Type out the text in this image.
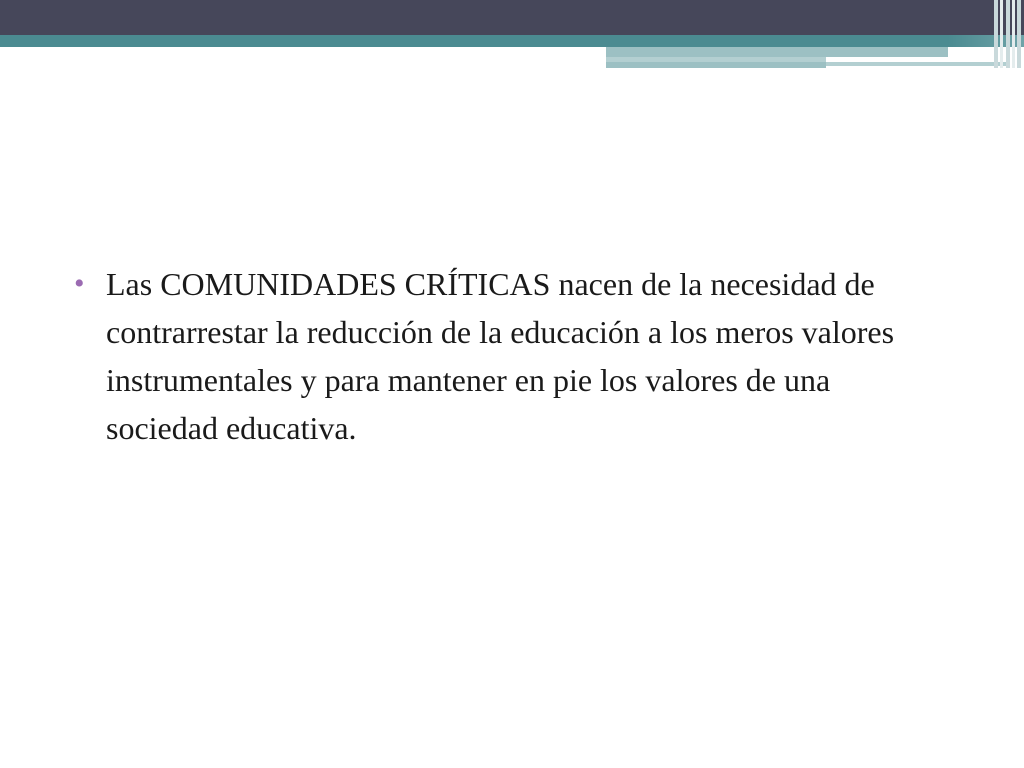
• Las COMUNIDADES CRÍTICAS nacen de la necesidad de contrarrestar la reducción de la educación a los meros valores instrumentales y para mantener en pie los valores de una sociedad educativa.
